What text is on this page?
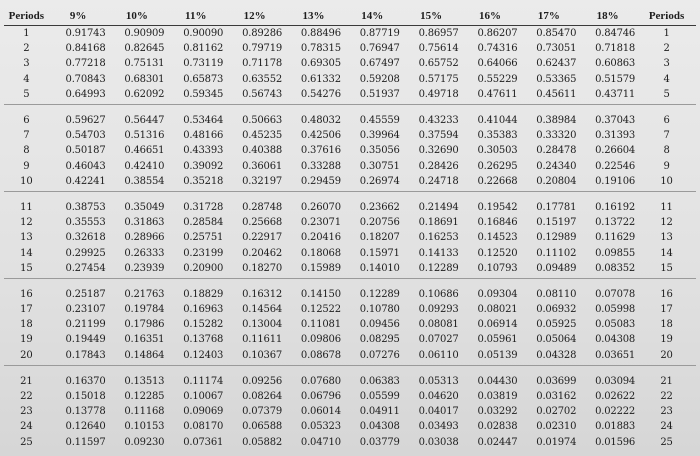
Periods	9%	10%	11%	12%	13%	14%	15%	16%	17%	18%	Periods
1	0.91743	0.90909	0.90090	0.89286	0.88496	0.87719	0.86957	0.86207	0.85470	0.84746	1
2	0.84168	0.82645	0.81162	0.79719	0.78315	0.76947	0.75614	0.74316	0.73051	0.71818	2
3	0.77218	0.75131	0.73119	0.71178	0.69305	0.67497	0.65752	0.64066	0.62437	0.60863	3
4	0.70843	0.68301	0.65873	0.63552	0.61332	0.59208	0.57175	0.55229	0.53365	0.51579	4
5	0.64993	0.62092	0.59345	0.56743	0.54276	0.51937	0.49718	0.47611	0.45611	0.43711	5
6	0.59627	0.56447	0.53464	0.50663	0.48032	0.45559	0.43233	0.41044	0.38984	0.37043	6
7	0.54703	0.51316	0.48166	0.45235	0.42506	0.39964	0.37594	0.35383	0.33320	0.31393	7
8	0.50187	0.46651	0.43393	0.40388	0.37616	0.35056	0.32690	0.30503	0.28478	0.26604	8
9	0.46043	0.42410	0.39092	0.36061	0.33288	0.30751	0.28426	0.26295	0.24340	0.22546	9
10	0.42241	0.38554	0.35218	0.32197	0.29459	0.26974	0.24718	0.22668	0.20804	0.19106	10
11	0.38753	0.35049	0.31728	0.28748	0.26070	0.23662	0.21494	0.19542	0.17781	0.16192	11
12	0.35553	0.31863	0.28584	0.25668	0.23071	0.20756	0.18691	0.16846	0.15197	0.13722	12
13	0.32618	0.28966	0.25751	0.22917	0.20416	0.18207	0.16253	0.14523	0.12989	0.11629	13
14	0.29925	0.26333	0.23199	0.20462	0.18068	0.15971	0.14133	0.12520	0.11102	0.09855	14
15	0.27454	0.23939	0.20900	0.18270	0.15989	0.14010	0.12289	0.10793	0.09489	0.08352	15
16	0.25187	0.21763	0.18829	0.16312	0.14150	0.12289	0.10686	0.09304	0.08110	0.07078	16
17	0.23107	0.19784	0.16963	0.14564	0.12522	0.10780	0.09293	0.08021	0.06932	0.05998	17
18	0.21199	0.17986	0.15282	0.13004	0.11081	0.09456	0.08081	0.06914	0.05925	0.05083	18
19	0.19449	0.16351	0.13768	0.11611	0.09806	0.08295	0.07027	0.05961	0.05064	0.04308	19
20	0.17843	0.14864	0.12403	0.10367	0.08678	0.07276	0.06110	0.05139	0.04328	0.03651	20
21	0.16370	0.13513	0.11174	0.09256	0.07680	0.06383	0.05313	0.04430	0.03699	0.03094	21
22	0.15018	0.12285	0.10067	0.08264	0.06796	0.05599	0.04620	0.03819	0.03162	0.02622	22
23	0.13778	0.11168	0.09069	0.07379	0.06014	0.04911	0.04017	0.03292	0.02702	0.02222	23
24	0.12640	0.10153	0.08170	0.06588	0.05323	0.04308	0.03493	0.02838	0.02310	0.01883	24
25	0.11597	0.09230	0.07361	0.05882	0.04710	0.03779	0.03038	0.02447	0.01974	0.01596	25
